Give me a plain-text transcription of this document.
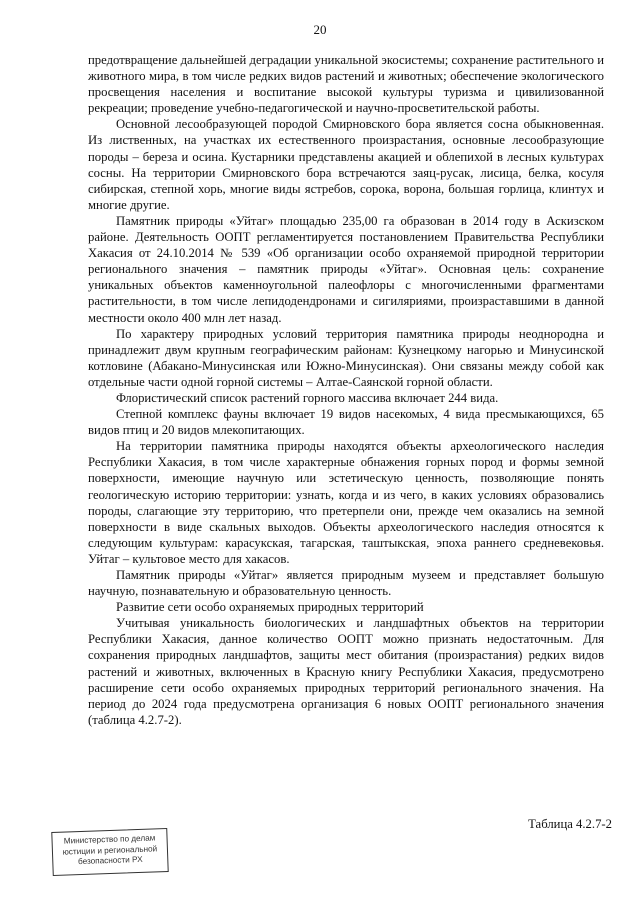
20

предотвращение дальнейшей деградации уникальной экосистемы; сохранение растительного и животного мира, в том числе редких видов растений и животных; обеспечение экологического просвещения населения и воспитание высокой культуры туризма и цивилизованной рекреации; проведение учебно-педагогической и научно-просветительской работы.

Основной лесообразующей породой Смирновского бора является сосна обыкновенная. Из лиственных, на участках их естественного произрастания, основные лесообразующие породы – береза и осина. Кустарники представлены акацией и облепихой в лесных культурах сосны. На территории Смирновского бора встречаются заяц-русак, лисица, белка, косуля сибирская, степной хорь, многие виды ястребов, сорока, ворона, большая горлица, клинтух и многие другие.

Памятник природы «Уйтаг» площадью 235,00 га образован в 2014 году в Аскизском районе. Деятельность ООПТ регламентируется постановлением Правительства Республики Хакасия от 24.10.2014 № 539 «Об организации особо охраняемой природной территории регионального значения – памятник природы «Уйтаг». Основная цель: сохранение уникальных объектов каменноугольной палеофлоры с многочисленными фрагментами растительности, в том числе лепидодендронами и сигиляриями, произраставшими в данной местности около 400 млн лет назад.

По характеру природных условий территория памятника природы неоднородна и принадлежит двум крупным географическим районам: Кузнецкому нагорью и Минусинской котловине (Абакано-Минусинская или Южно-Минусинская). Они связаны между собой как отдельные части одной горной системы – Алтае-Саянской горной области.

Флористический список растений горного массива включает 244 вида.

Степной комплекс фауны включает 19 видов насекомых, 4 вида пресмыкающихся, 65 видов птиц и 20 видов млекопитающих.

На территории памятника природы находятся объекты археологического наследия Республики Хакасия, в том числе характерные обнажения горных пород и формы земной поверхности, имеющие научную или эстетическую ценность, позволяющие понять геологическую историю территории: узнать, когда и из чего, в каких условиях образовались породы, слагающие эту территорию, что претерпели они, прежде чем оказались на земной поверхности в виде скальных выходов. Объекты археологического наследия относятся к следующим культурам: карасукская, тагарская, таштыкская, эпоха раннего средневековья. Уйтаг – культовое место для хакасов.

Памятник природы «Уйтаг» является природным музеем и представляет большую научную, познавательную и образовательную ценность.

Развитие сети особо охраняемых природных территорий

Учитывая уникальность биологических и ландшафтных объектов на территории Республики Хакасия, данное количество ООПТ можно признать недостаточным. Для сохранения природных ландшафтов, защиты мест обитания (произрастания) редких видов растений и животных, включенных в Красную книгу Республики Хакасия, предусмотрено расширение сети особо охраняемых природных территорий регионального значения. На период до 2024 года предусмотрена организация 6 новых ООПТ регионального значения (таблица 4.2.7-2).

Таблица 4.2.7-2
Министерство по делам
юстиции и региональной
безопасности РХ
